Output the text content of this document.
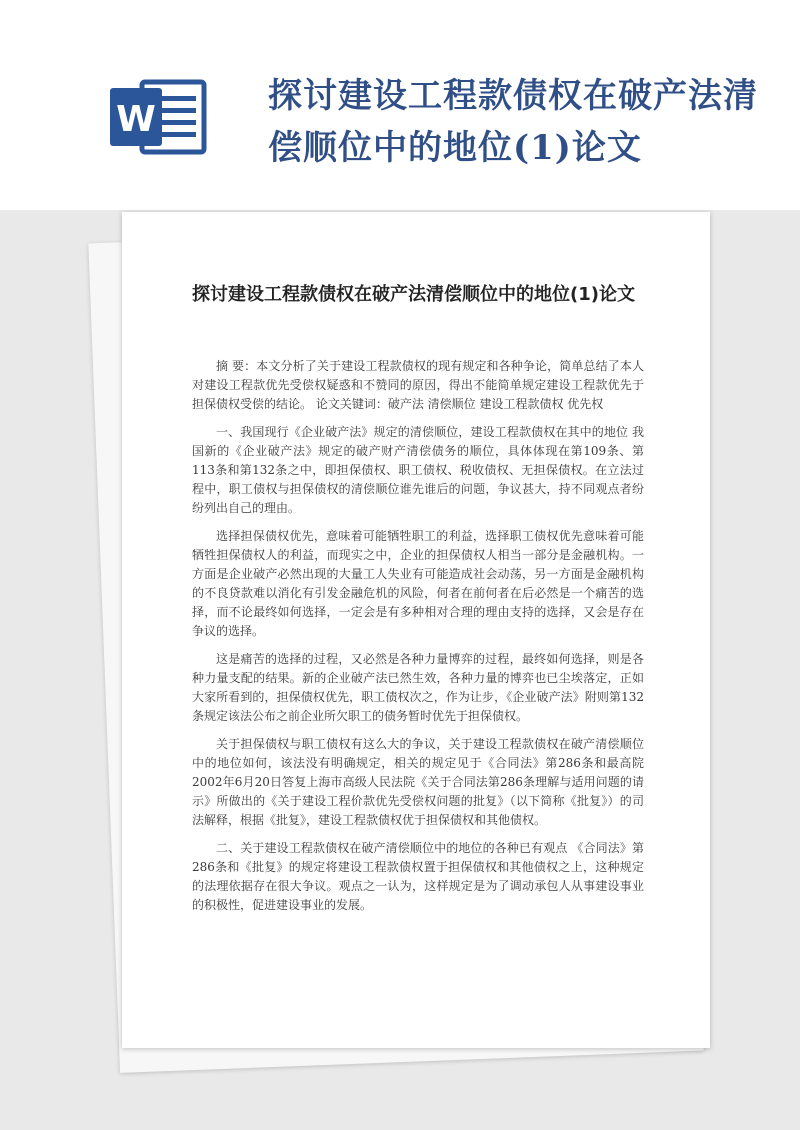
W
探讨建设工程款债权在破产法清偿顺位中的地位(1)论文
探讨建设工程款债权在破产法清偿顺位中的地位(1)论文

摘 要：本文分析了关于建设工程款债权的现有规定和各种争论，简单总结了本人对建设工程款优先受偿权疑惑和不赞同的原因，得出不能简单规定建设工程款优先于担保债权受偿的结论。 论文关键词：破产法 清偿顺位 建设工程款债权 优先权

一、我国现行《企业破产法》规定的清偿顺位，建设工程款债权在其中的地位 我国新的《企业破产法》规定的破产财产清偿债务的顺位，具体体现在第109条、第113条和第132条之中，即担保债权、职工债权、税收债权、无担保债权。在立法过程中，职工债权与担保债权的清偿顺位谁先谁后的问题，争议甚大，持不同观点者纷纷列出自己的理由。

选择担保债权优先，意味着可能牺牲职工的利益，选择职工债权优先意味着可能牺牲担保债权人的利益，而现实之中，企业的担保债权人相当一部分是金融机构。一方面是企业破产必然出现的大量工人失业有可能造成社会动荡，另一方面是金融机构的不良贷款难以消化有引发金融危机的风险，何者在前何者在后必然是一个痛苦的选择，而不论最终如何选择，一定会是有多种相对合理的理由支持的选择，又会是存在争议的选择。

这是痛苦的选择的过程，又必然是各种力量博弈的过程，最终如何选择，则是各种力量支配的结果。新的企业破产法已然生效，各种力量的博弈也已尘埃落定，正如大家所看到的，担保债权优先，职工债权次之，作为让步，《企业破产法》附则第132条规定该法公布之前企业所欠职工的债务暂时优先于担保债权。

关于担保债权与职工债权有这么大的争议，关于建设工程款债权在破产清偿顺位中的地位如何，该法没有明确规定，相关的规定见于《合同法》第286条和最高院2002年6月20日答复上海市高级人民法院《关于合同法第286条理解与适用问题的请示》所做出的《关于建设工程价款优先受偿权问题的批复》（以下简称《批复》）的司法解释，根据《批复》，建设工程款债权优于担保债权和其他债权。

二、关于建设工程款债权在破产清偿顺位中的地位的各种已有观点 《合同法》第286条和《批复》的规定将建设工程款债权置于担保债权和其他债权之上，这种规定的法理依据存在很大争议。观点之一认为，这样规定是为了调动承包人从事建设事业的积极性，促进建设事业的发展。
